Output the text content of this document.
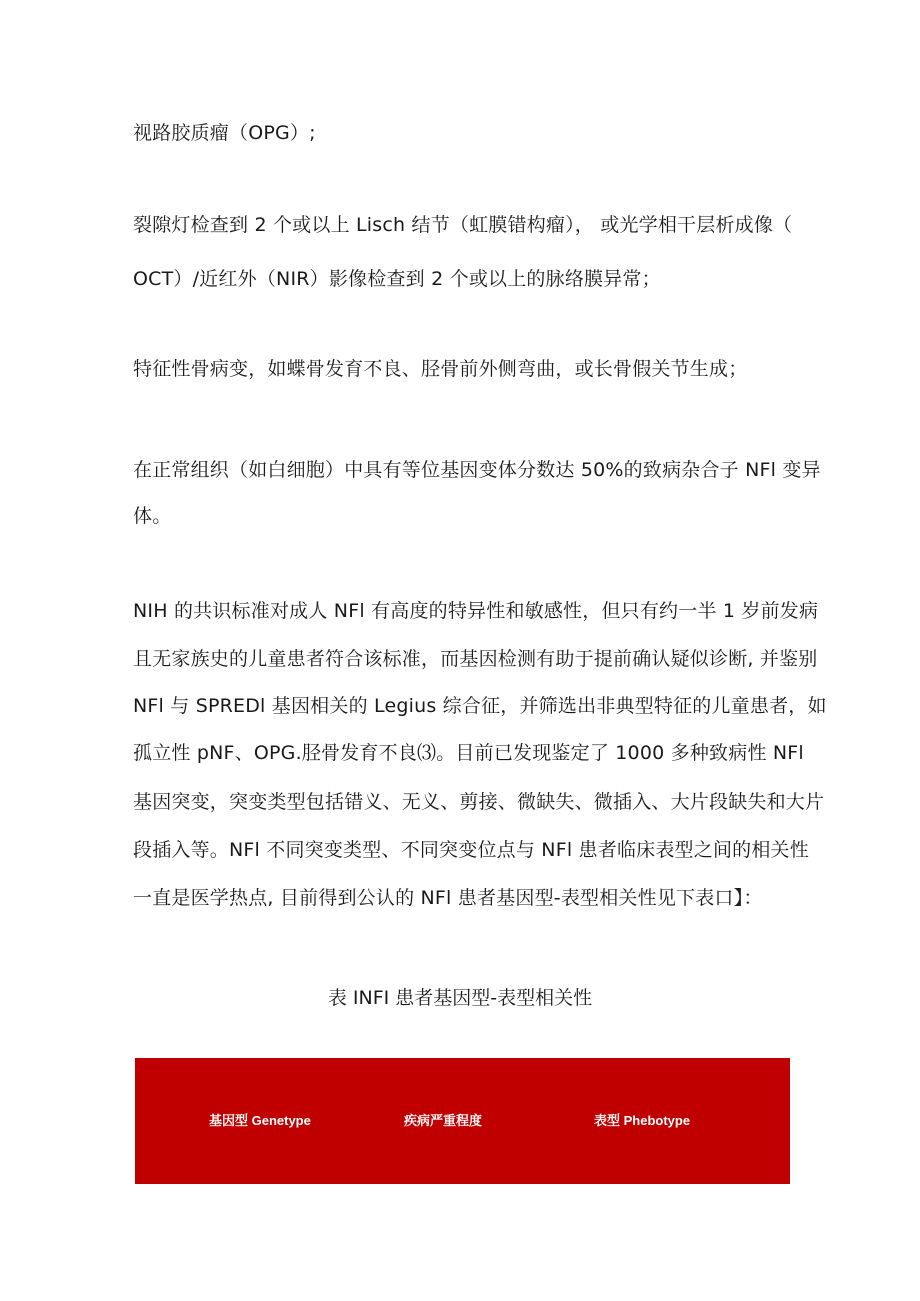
视路胶质瘤（OPG）;
裂隙灯检查到 2 个或以上 Lisch 结节（虹膜错构瘤）， 或光学相干层析成像（
OCT）/近红外（NIR）影像检查到 2 个或以上的脉络膜异常；
特征性骨病变，如蝶骨发育不良、胫骨前外侧弯曲，或长骨假关节生成；
在正常组织（如白细胞）中具有等位基因变体分数达 50%的致病杂合子 NFl 变异
体。
NIH 的共识标准对成人 NFl 有高度的特异性和敏感性，但只有约一半 1 岁前发病
且无家族史的儿童患者符合该标准，而基因检测有助于提前确认疑似诊断, 并鉴别
NFl 与 SPREDl 基因相关的 Legius 综合征，并筛选出非典型特征的儿童患者，如
孤立性 pNF、OPG.胫骨发育不良⑶。目前已发现鉴定了 1000 多种致病性 NFl
基因突变，突变类型包括错义、无义、剪接、微缺失、微插入、大片段缺失和大片
段插入等。NFl 不同突变类型、不同突变位点与 NFl 患者临床表型之间的相关性
一直是医学热点, 目前得到公认的 NFl 患者基因型-表型相关性见下表口】：
表 INFI 患者基因型-表型相关性
基因型 Genetype	疾病严重程度	表型 Phebotype
